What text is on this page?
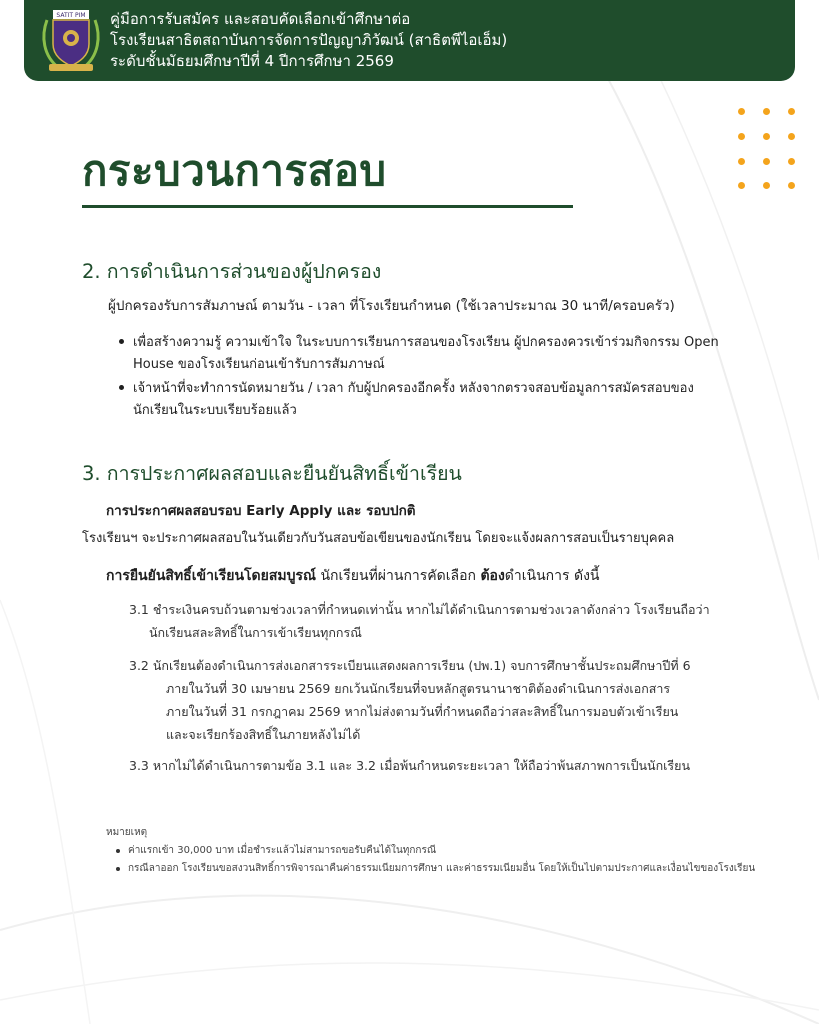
SATIT PIM คู่มือการรับสมัคร และสอบคัดเลือกเข้าศึกษาต่อ
โรงเรียนสาธิตสถาบันการจัดการปัญญาภิวัฒน์ (สาธิตพีไอเอ็ม)
ระดับชั้นมัธยมศึกษาปีที่ 4 ปีการศึกษา 2569
กระบวนการสอบ
2. การดำเนินการส่วนของผู้ปกครอง
ผู้ปกครองรับการสัมภาษณ์ ตามวัน - เวลา ที่โรงเรียนกำหนด (ใช้เวลาประมาณ 30 นาที/ครอบครัว)
เพื่อสร้างความรู้ ความเข้าใจ ในระบบการเรียนการสอนของโรงเรียน ผู้ปกครองควรเข้าร่วมกิจกรรม Open
House ของโรงเรียนก่อนเข้ารับการสัมภาษณ์
เจ้าหน้าที่จะทำการนัดหมายวัน / เวลา กับผู้ปกครองอีกครั้ง หลังจากตรวจสอบข้อมูลการสมัครสอบของ
นักเรียนในระบบเรียบร้อยแล้ว
3. การประกาศผลสอบและยืนยันสิทธิ์เข้าเรียน
การประกาศผลสอบรอบ Early Apply และ รอบปกติ
โรงเรียนฯ จะประกาศผลสอบในวันเดียวกับวันสอบข้อเขียนของนักเรียน โดยจะแจ้งผลการสอบเป็นรายบุคคล
การยืนยันสิทธิ์เข้าเรียนโดยสมบูรณ์ นักเรียนที่ผ่านการคัดเลือก ต้องดำเนินการ ดังนี้
3.1 ชำระเงินครบถ้วนตามช่วงเวลาที่กำหนดเท่านั้น หากไม่ได้ดำเนินการตามช่วงเวลาดังกล่าว โรงเรียนถือว่า
นักเรียนสละสิทธิ์ในการเข้าเรียนทุกกรณี
3.2 นักเรียนต้องดำเนินการส่งเอกสารระเบียนแสดงผลการเรียน (ปพ.1) จบการศึกษาชั้นประถมศึกษาปีที่ 6
ภายในวันที่ 30 เมษายน 2569 ยกเว้นนักเรียนที่จบหลักสูตรนานาชาติต้องดำเนินการส่งเอกสาร
ภายในวันที่ 31 กรกฎาคม 2569 หากไม่ส่งตามวันที่กำหนดถือว่าสละสิทธิ์ในการมอบตัวเข้าเรียน
และจะเรียกร้องสิทธิ์ในภายหลังไม่ได้
3.3 หากไม่ได้ดำเนินการตามข้อ 3.1 และ 3.2 เมื่อพ้นกำหนดระยะเวลา ให้ถือว่าพ้นสภาพการเป็นนักเรียน
หมายเหตุ
ค่าแรกเข้า 30,000 บาท เมื่อชำระแล้วไม่สามารถขอรับคืนได้ในทุกกรณี
กรณีลาออก โรงเรียนขอสงวนสิทธิ์การพิจารณาคืนค่าธรรมเนียมการศึกษา และค่าธรรมเนียมอื่น โดยให้เป็นไปตามประกาศและเงื่อนไขของโรงเรียน
